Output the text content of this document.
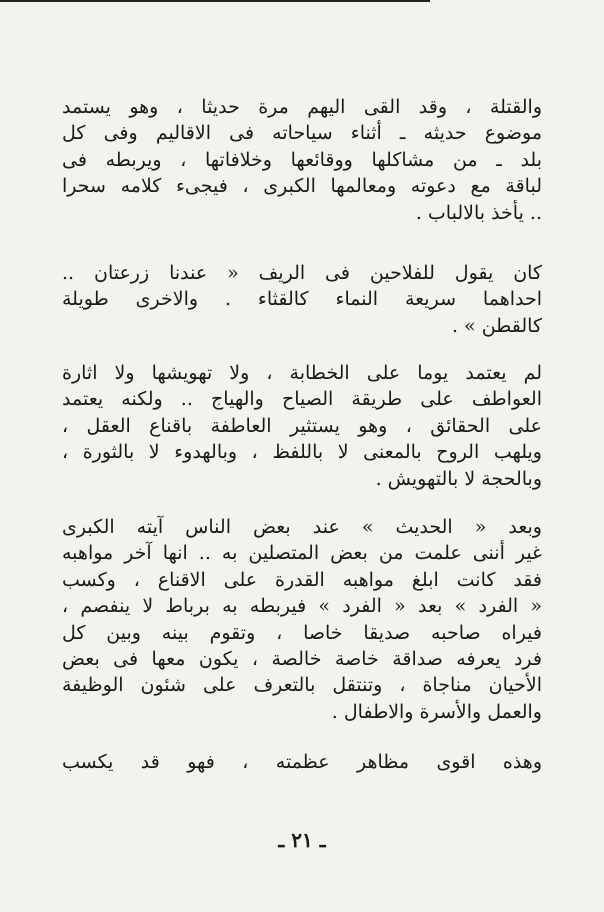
والقتلة ، وقد القى اليهم مرة حديثا ، وهو يستمد
موضوع حديثه ـ أثناء سياحاته فى الاقاليم وفى كل
بلد ـ من مشاكلها ووقائعها وخلافاتها ، ويربطه فى
لباقة مع دعوته ومعالمها الكبرى ، فيجىء كلامه سحرا
.. يأخذ بالالباب .

كان يقول للفلاحين فى الريف « عندنا زرعتان ..
احداهما سريعة النماء كالقثاء . والاخرى طويلة
كالقطن » .

لم يعتمد يوما على الخطابة ، ولا تهويشها ولا اثارة
العواطف على طريقة الصياح والهياج .. ولكنه يعتمد
على الحقائق ، وهو يستثير العاطفة باقناع العقل ،
ويلهب الروح بالمعنى لا باللفظ ، وبالهدوء لا بالثورة ،
وبالحجة لا بالتهويش .

وبعد « الحديث » عند بعض الناس آيته الكبرى
غير أننى علمت من بعض المتصلين به .. انها آخر مواهبه
فقد كانت ابلغ مواهبه القدرة على الاقناع ، وكسب
« الفرد » بعد « الفرد » فيربطه به برباط لا ينفصم ،
فيراه صاحبه صديقا خاصا ، وتقوم بينه وبين كل
فرد يعرفه صداقة خاصة خالصة ، يكون معها فى بعض
الأحيان مناجاة ، وتنتقل بالتعرف على شئون الوظيفة
والعمل والأسرة والاطفال .

وهذه اقوى مظاهر عظمته ، فهو قد يكسب

ـ ٢١ ـ
